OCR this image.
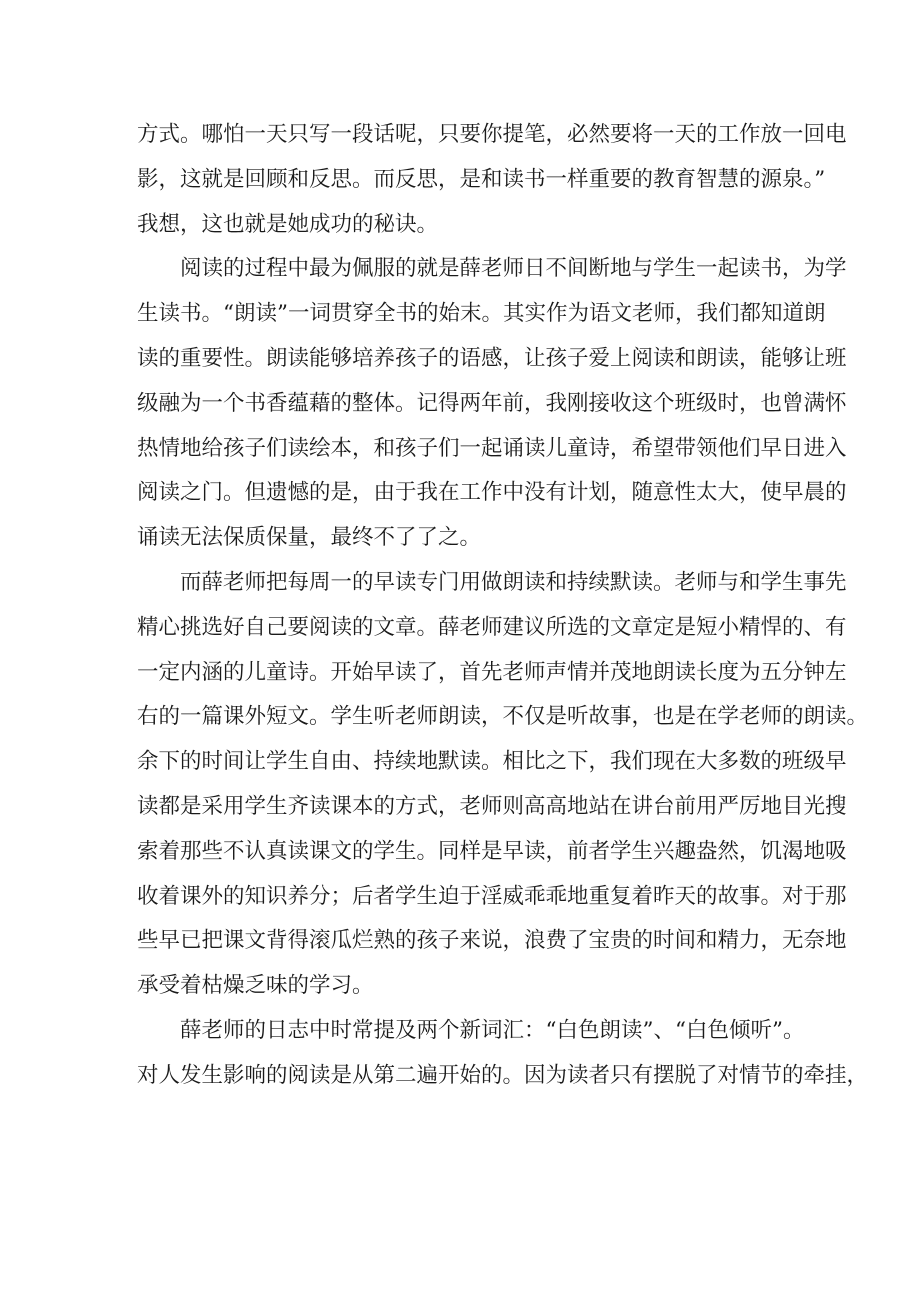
方式。哪怕一天只写一段话呢，只要你提笔，必然要将一天的工作放一回电
影，这就是回顾和反思。而反思，是和读书一样重要的教育智慧的源泉。”
我想，这也就是她成功的秘诀。
阅读的过程中最为佩服的就是薛老师日不间断地与学生一起读书，为学
生读书。“朗读”一词贯穿全书的始末。其实作为语文老师，我们都知道朗
读的重要性。朗读能够培养孩子的语感，让孩子爱上阅读和朗读，能够让班
级融为一个书香蕴藉的整体。记得两年前，我刚接收这个班级时，也曾满怀
热情地给孩子们读绘本，和孩子们一起诵读儿童诗，希望带领他们早日进入
阅读之门。但遗憾的是，由于我在工作中没有计划，随意性太大，使早晨的
诵读无法保质保量，最终不了了之。
而薛老师把每周一的早读专门用做朗读和持续默读。老师与和学生事先
精心挑选好自己要阅读的文章。薛老师建议所选的文章定是短小精悍的、有
一定内涵的儿童诗。开始早读了，首先老师声情并茂地朗读长度为五分钟左
右的一篇课外短文。学生听老师朗读，不仅是听故事，也是在学老师的朗读。
余下的时间让学生自由、持续地默读。相比之下，我们现在大多数的班级早
读都是采用学生齐读课本的方式，老师则高高地站在讲台前用严厉地目光搜
索着那些不认真读课文的学生。同样是早读，前者学生兴趣盎然，饥渴地吸
收着课外的知识养分；后者学生迫于淫威乖乖地重复着昨天的故事。对于那
些早已把课文背得滚瓜烂熟的孩子来说，浪费了宝贵的时间和精力，无奈地
承受着枯燥乏味的学习。
薛老师的日志中时常提及两个新词汇：“白色朗读”、“白色倾听”。
对人发生影响的阅读是从第二遍开始的。因为读者只有摆脱了对情节的牵挂，
